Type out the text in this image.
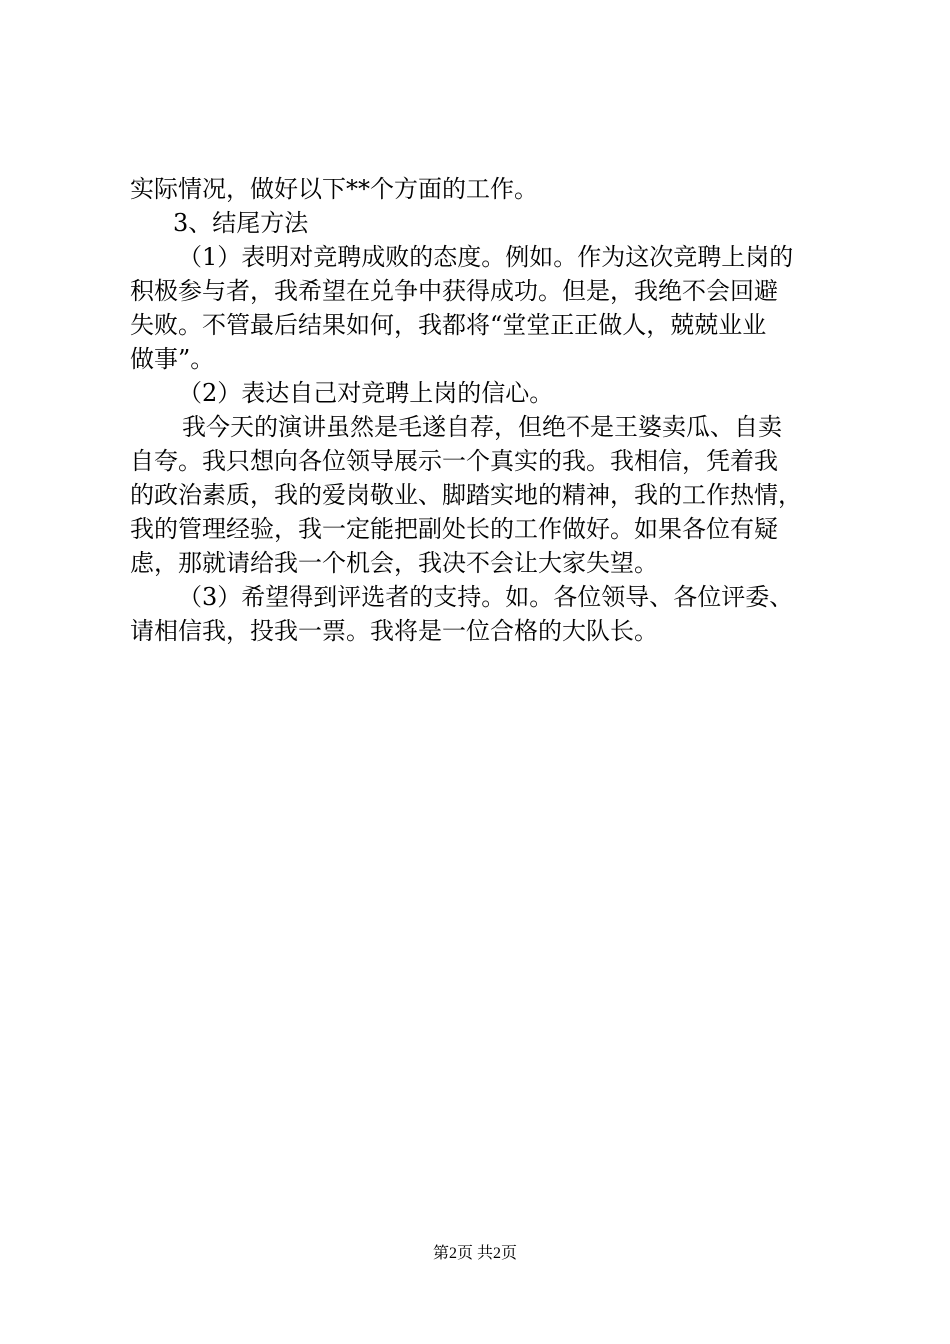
实际情况，做好以下**个方面的工作。
3、结尾方法
（1）表明对竞聘成败的态度。例如。作为这次竞聘上岗的
积极参与者，我希望在兑争中获得成功。但是，我绝不会回避
失败。不管最后结果如何，我都将“堂堂正正做人，兢兢业业
做事”。
（2）表达自己对竞聘上岗的信心。
我今天的演讲虽然是毛遂自荐，但绝不是王婆卖瓜、自卖
自夸。我只想向各位领导展示一个真实的我。我相信，凭着我
的政治素质，我的爱岗敬业、脚踏实地的精神，我的工作热情，
我的管理经验，我一定能把副处长的工作做好。如果各位有疑
虑，那就请给我一个机会，我决不会让大家失望。
（3）希望得到评选者的支持。如。各位领导、各位评委、
请相信我，投我一票。我将是一位合格的大队长。
第2页 共2页
